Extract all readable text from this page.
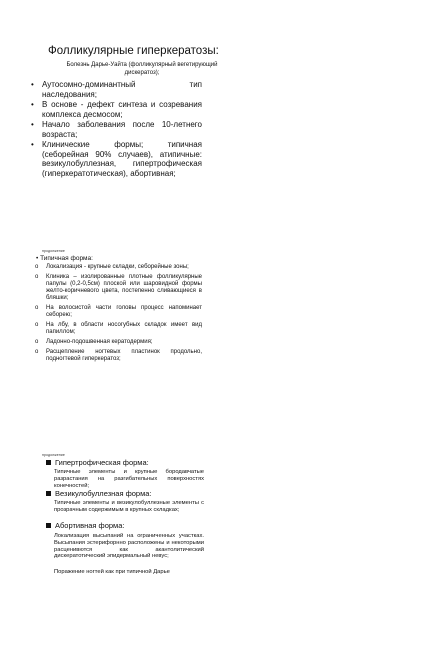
Фолликулярные гиперкератозы:
Болезнь Дарье-Уайта (фолликулярный вегетирующий дискератоз);
• Аутосомно-доминантный тип наследования;
• В основе - дефект синтеза и созревания комплекса десмосом;
• Начало заболевания после 10-летнего возраста;
• Клинические формы; типичная (себорейная 90% случаев), атипичные: везикулобуллезная, гипертрофическая (гиперкератотическая), абортивная;
продолжение
• Типичная форма:
o Локализация - крупные складки, себорейные зоны;
o Клиника – изолированные плотные фолликулярные папулы (0,2-0,5см) плоской или шаровидной формы желто-коричневого цвета, постепенно сливающиеся в бляшки;
o На волосистой части головы процесс напоминает себорею;
o На лбу, в области носогубных складок имеет вид папиллом;
o Ладонно-подошвенная кератодермия;
o Расщепление ногтевых пластинок продольно, подногтевой гиперкератоз;
продолжение
Гипертрофическая форма:
Типичные элементы и крупные бородавчатые разрастания на разгибательных поверхностях конечностей;
Везикулобуллезная форма:
Типичные элементы и везикулобуллезные элементы с прозрачным содержимым в крупных складках;
Абортивная форма:
Локализация высыпаний на ограниченных участках. Высыпания эстерифорнно расположены и некоторыми расценивются как акантолитический дискератотический эпидермальный невус;
Поражение ногтей как при типичной Дарье
